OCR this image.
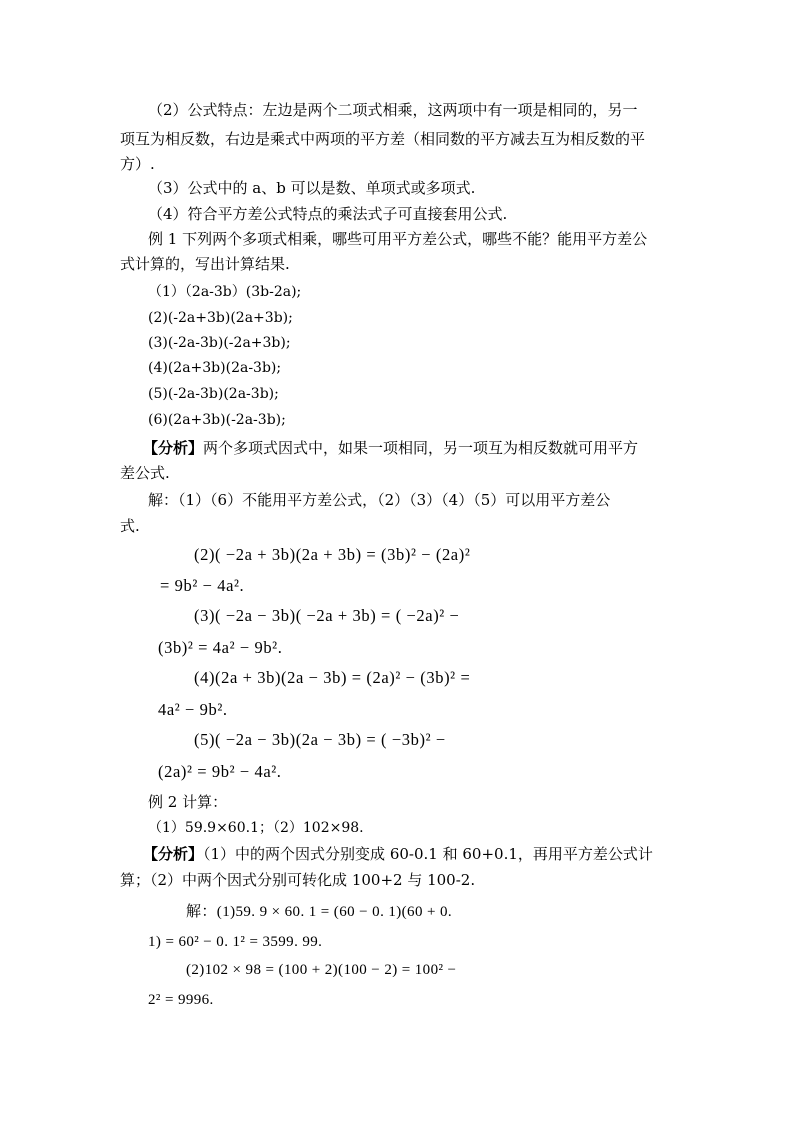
（2）公式特点：左边是两个二项式相乘，这两项中有一项是相同的，另一
项互为相反数，右边是乘式中两项的平方差（相同数的平方减去互为相反数的平
方）.
（3）公式中的 a、b 可以是数、单项式或多项式.
（4）符合平方差公式特点的乘法式子可直接套用公式.
例 1 下列两个多项式相乘，哪些可用平方差公式，哪些不能？能用平方差公
式计算的，写出计算结果.
（1）（2a-3b）(3b-2a);
(2)(-2a+3b)(2a+3b);
(3)(-2a-3b)(-2a+3b);
(4)(2a+3b)(2a-3b);
(5)(-2a-3b)(2a-3b);
(6)(2a+3b)(-2a-3b);
【分析】两个多项式因式中，如果一项相同，另一项互为相反数就可用平方
差公式.
解：（1）（6）不能用平方差公式，（2）（3）（4）（5）可以用平方差公
式.
(2)( −2a + 3b)(2a + 3b) = (3b)² − (2a)²
= 9b² − 4a².
(3)( −2a − 3b)( −2a + 3b) = ( −2a)² −
(3b)² = 4a² − 9b².
(4)(2a + 3b)(2a − 3b) = (2a)² − (3b)² =
4a² − 9b².
(5)( −2a − 3b)(2a − 3b) = ( −3b)² −
(2a)² = 9b² − 4a².
例 2 计算：
（1）59.9×60.1；（2）102×98.
【分析】（1）中的两个因式分别变成 60-0.1 和 60+0.1，再用平方差公式计
算；（2）中两个因式分别可转化成 100+2 与 100-2.
解：(1)59. 9 × 60. 1 = (60 − 0. 1)(60 + 0.
1) = 60² − 0. 1² = 3599. 99.
(2)102 × 98 = (100 + 2)(100 − 2) = 100² −
2² = 9996.
